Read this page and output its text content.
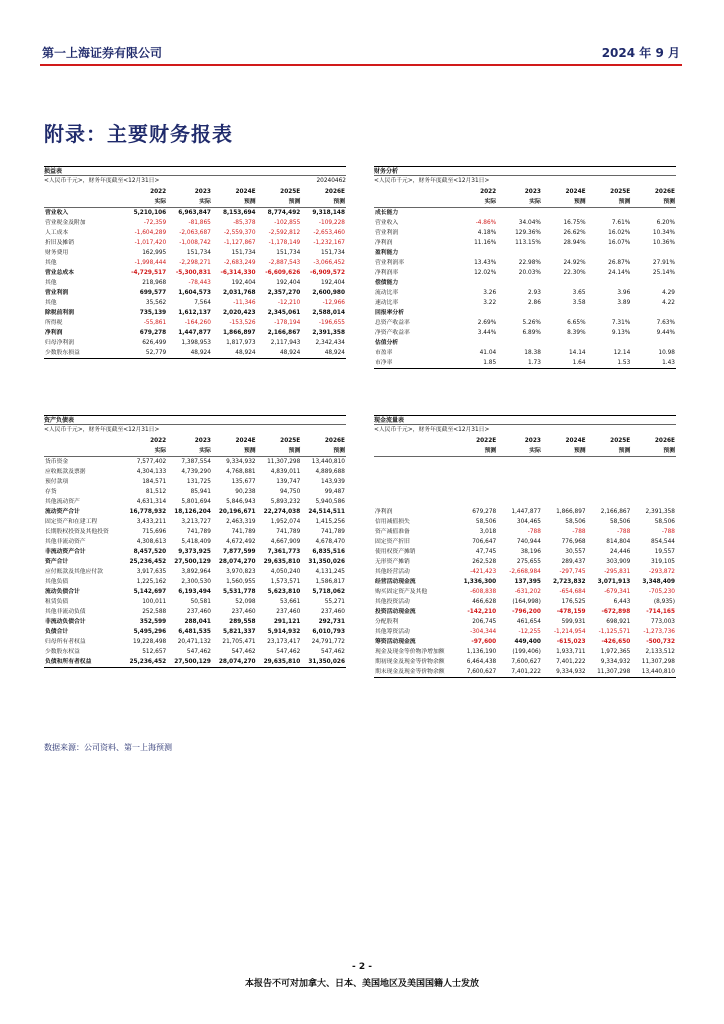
第一上海证券有限公司	2024 年 9 月
附录：主要财务报表
损益表
<人民币千元>，财务年度截至<12月31日>	20240462
	2022	2023	2024E	2025E	2026E
	实际	实际	预测	预测	预测
营业收入	5,210,106	6,963,847	8,153,694	8,774,492	9,318,148
营业税金及附加	-72,359	-81,865	-85,378	-102,855	-109,228
人工成本	-1,604,289	-2,063,687	-2,559,370	-2,592,812	-2,653,460
折旧及摊销	-1,017,420	-1,008,742	-1,127,867	-1,178,149	-1,232,167
财务费用	162,995	151,734	151,734	151,734	151,734
其他	-1,998,444	-2,298,271	-2,683,249	-2,887,543	-3,066,452
营业总成本	-4,729,517	-5,300,831	-6,314,330	-6,609,626	-6,909,572
其他	218,968	-78,443	192,404	192,404	192,404
营业利润	699,577	1,604,573	2,031,768	2,357,270	2,600,980
其他	35,562	7,564	-11,346	-12,210	-12,966
除税前利润	735,139	1,612,137	2,020,423	2,345,061	2,588,014
所得税	-55,861	-164,260	-153,526	-178,194	-196,655
净利润	679,278	1,447,877	1,866,897	2,166,867	2,391,358
归母净利润	626,499	1,398,953	1,817,973	2,117,943	2,342,434
少数股东损益	52,779	48,924	48,924	48,924	48,924
财务分析
<人民币千元>，财务年度截至<12月31日>
	2022	2023	2024E	2025E	2026E
	实际	实际	预测	预测	预测
成长能力					
营业收入	-4.86%	34.04%	16.75%	7.61%	6.20%
营业利润	4.18%	129.36%	26.62%	16.02%	10.34%
净利润	11.16%	113.15%	28.94%	16.07%	10.36%
盈利能力					
营业利润率	13.43%	22.98%	24.92%	26.87%	27.91%
净利润率	12.02%	20.03%	22.30%	24.14%	25.14%
偿债能力					
流动比率	3.26	2.93	3.65	3.96	4.29
速动比率	3.22	2.86	3.58	3.89	4.22
回报率分析					
总资产收益率	2.69%	5.26%	6.65%	7.31%	7.63%
净资产收益率	3.44%	6.89%	8.39%	9.13%	9.44%
估值分析					
市盈率	41.04	18.38	14.14	12.14	10.98
市净率	1.85	1.73	1.64	1.53	1.43
资产负债表
<人民币千元>，财务年度截至<12月31日>
	2022	2023	2024E	2025E	2026E
	实际	实际	预测	预测	预测
货币资金	7,577,402	7,387,554	9,334,932	11,307,298	13,440,810
应收账款及票据	4,304,133	4,739,290	4,768,881	4,839,011	4,889,688
预付款项	184,571	131,725	135,677	139,747	143,939
存货	81,512	85,941	90,238	94,750	99,487
其他流动资产	4,631,314	5,801,694	5,846,943	5,893,232	5,940,586
流动资产合计	16,778,932	18,126,204	20,196,671	22,274,038	24,514,511
固定资产和在建工程	3,433,211	3,213,727	2,463,319	1,952,074	1,415,256
长期股权投资及其他投资	715,696	741,789	741,789	741,789	741,789
其他非流动资产	4,308,613	5,418,409	4,672,492	4,667,909	4,678,470
非流动资产合计	8,457,520	9,373,925	7,877,599	7,361,773	6,835,516
资产合计	25,236,452	27,500,129	28,074,270	29,635,810	31,350,026
应付账款及其他应付款	3,917,635	3,892,964	3,970,823	4,050,240	4,131,245
其他负债	1,225,162	2,300,530	1,560,955	1,573,571	1,586,817
流动负债合计	5,142,697	6,193,494	5,531,778	5,623,810	5,718,062
租赁负债	100,011	50,581	52,098	53,661	55,271
其他非流动负债	252,588	237,460	237,460	237,460	237,460
非流动负债合计	352,599	288,041	289,558	291,121	292,731
负债合计	5,495,296	6,481,535	5,821,337	5,914,932	6,010,793
归母所有者权益	19,228,498	20,471,132	21,705,471	23,173,417	24,791,772
少数股东权益	512,657	547,462	547,462	547,462	547,462
负债和所有者权益	25,236,452	27,500,129	28,074,270	29,635,810	31,350,026
现金流量表
<人民币千元>，财务年度截至<12月31日>
	2022E	2023	2024E	2025E	2026E
	预测	实际	预测	预测	预测

净利润	679,278	1,447,877	1,866,897	2,166,867	2,391,358
信用减值损失	58,506	304,465	58,506	58,506	58,506
资产减值准备	3,018	-788	-788	-788	-788
固定资产折旧	706,647	740,944	776,968	814,804	854,544
使用权资产摊销	47,745	38,196	30,557	24,446	19,557
无形资产摊销	262,528	275,655	289,437	303,909	319,105
其他经营活动	-421,423	-2,668,984	-297,745	-295,831	-293,872
经营活动现金流	1,336,300	137,395	2,723,832	3,071,913	3,348,409
购买固定资产及其他	-608,838	-631,202	-654,684	-679,341	-705,230
其他投资活动	466,628	(164,998)	176,525	6,443	(8,935)
投资活动现金流	-142,210	-796,200	-478,159	-672,898	-714,165
分配股利	206,745	461,654	599,931	698,921	773,003
其他筹资活动	-304,344	-12,255	-1,214,954	-1,125,571	-1,273,736
筹资活动现金流	-97,600	449,400	-615,023	-426,650	-500,732
现金及现金等价物净增加额	1,136,190	(199,406)	1,933,711	1,972,365	2,133,512
期初现金及现金等价物余额	6,464,438	7,600,627	7,401,222	9,334,932	11,307,298
期末现金及现金等价物余额	7,600,627	7,401,222	9,334,932	11,307,298	13,440,810
数据来源：公司资料、第一上海预测
- 2 -
本报告不可对加拿大、日本、美国地区及美国国籍人士发放
